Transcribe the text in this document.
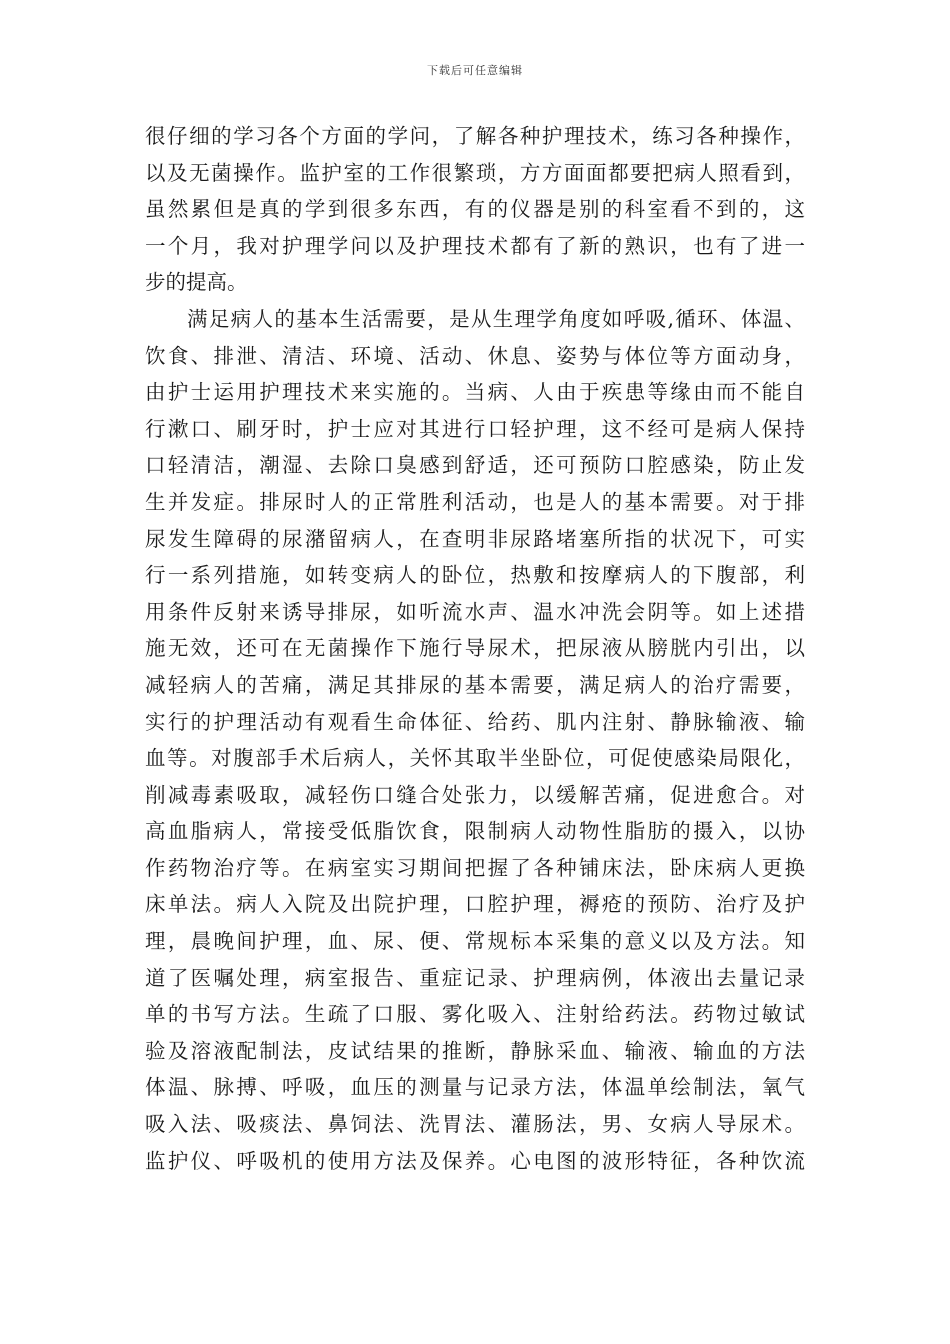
下载后可任意编辑
很仔细的学习各个方面的学问，了解各种护理技术，练习各种操作，
以及无菌操作。监护室的工作很繁琐，方方面面都要把病人照看到，
虽然累但是真的学到很多东西，有的仪器是别的科室看不到的，这
一个月，我对护理学问以及护理技术都有了新的熟识，也有了进一
步的提高。
满足病人的基本生活需要，是从生理学角度如呼吸,循环、体温、
饮食、排泄、清洁、环境、活动、休息、姿势与体位等方面动身，
由护士运用护理技术来实施的。当病、人由于疾患等缘由而不能自
行漱口、刷牙时，护士应对其进行口轻护理，这不经可是病人保持
口轻清洁，潮湿、去除口臭感到舒适，还可预防口腔感染，防止发
生并发症。排尿时人的正常胜利活动，也是人的基本需要。对于排
尿发生障碍的尿潴留病人，在查明非尿路堵塞所指的状况下，可实
行一系列措施，如转变病人的卧位，热敷和按摩病人的下腹部，利
用条件反射来诱导排尿，如听流水声、温水冲洗会阴等。如上述措
施无效，还可在无菌操作下施行导尿术，把尿液从膀胱内引出，以
减轻病人的苦痛，满足其排尿的基本需要，满足病人的治疗需要，
实行的护理活动有观看生命体征、给药、肌内注射、静脉输液、输
血等。对腹部手术后病人，关怀其取半坐卧位，可促使感染局限化，
削减毒素吸取，减轻伤口缝合处张力，以缓解苦痛，促进愈合。对
高血脂病人，常接受低脂饮食，限制病人动物性脂肪的摄入，以协
作药物治疗等。在病室实习期间把握了各种铺床法，卧床病人更换
床单法。病人入院及出院护理，口腔护理，褥疮的预防、治疗及护
理，晨晚间护理，血、尿、便、常规标本采集的意义以及方法。知
道了医嘱处理，病室报告、重症记录、护理病例，体液出去量记录
单的书写方法。生疏了口服、雾化吸入、注射给药法。药物过敏试
验及溶液配制法，皮试结果的推断，静脉采血、输液、输血的方法
体温、脉搏、呼吸，血压的测量与记录方法，体温单绘制法，氧气
吸入法、吸痰法、鼻饲法、洗胃法、灌肠法，男、女病人导尿术。
监护仪、呼吸机的使用方法及保养。心电图的波形特征，各种饮流
